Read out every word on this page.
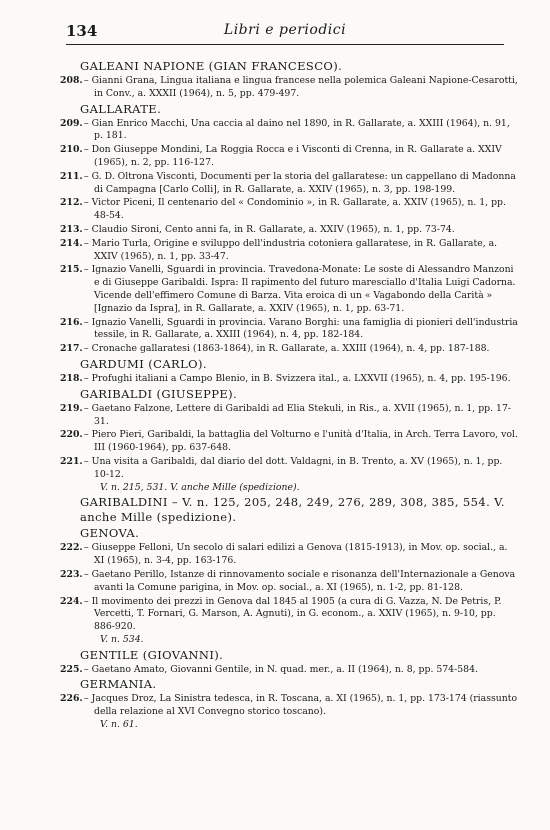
134	Libri e periodici
GALEANI NAPIONE (GIAN FRANCESCO).
208. – Gianni Grana, Lingua italiana e lingua francese nella polemica Galeani Napione-Cesarotti, in Conv., a. XXXII (1964), n. 5, pp. 479-497.
GALLARATE.
209. – Gian Enrico Macchi, Una caccia al daino nel 1890, in R. Gallarate, a. XXIII (1964), n. 91, p. 181.
210. – Don Giuseppe Mondini, La Roggia Rocca e i Visconti di Crenna, in R. Gallarate a. XXIV (1965), n. 2, pp. 116-127.
211. – G. D. Oltrona Visconti, Documenti per la storia del gallaratese: un cappellano di Madonna di Campagna [Carlo Colli], in R. Gallarate, a. XXIV (1965), n. 3, pp. 198-199.
212. – Victor Piceni, Il centenario del « Condominio », in R. Gallarate, a. XXIV (1965), n. 1, pp. 48-54.
213. – Claudio Sironi, Cento anni fa, in R. Gallarate, a. XXIV (1965), n. 1, pp. 73-74.
214. – Mario Turla, Origine e sviluppo dell'industria cotoniera gallaratese, in R. Gallarate, a. XXIV (1965), n. 1, pp. 33-47.
215. – Ignazio Vanelli, Sguardi in provincia. Travedona-Monate: Le soste di Alessandro Manzoni e di Giuseppe Garibaldi. Ispra: Il rapimento del futuro maresciallo d'Italia Luigi Cadorna. Vicende dell'effimero Comune di Barza. Vita eroica di un « Vagabondo della Carità » [Ignazio da Ispra], in R. Gallarate, a. XXIV (1965), n. 1, pp. 63-71.
216. – Ignazio Vanelli, Sguardi in provincia. Varano Borghi: una famiglia di pionieri dell'industria tessile, in R. Gallarate, a. XXIII (1964), n. 4, pp. 182-184.
217. – Cronache gallaratesi (1863-1864), in R. Gallarate, a. XXIII (1964), n. 4, pp. 187-188.
GARDUMI (CARLO).
218. – Profughi italiani a Campo Blenio, in B. Svizzera ital., a. LXXVII (1965), n. 4, pp. 195-196.
GARIBALDI (GIUSEPPE).
219. – Gaetano Falzone, Lettere di Garibaldi ad Elia Stekuli, in Ris., a. XVII (1965), n. 1, pp. 17-31.
220. – Piero Pieri, Garibaldi, la battaglia del Volturno e l'unità d'Italia, in Arch. Terra Lavoro, vol. III (1960-1964), pp. 637-648.
221. – Una visita a Garibaldi, dal diario del dott. Valdagni, in B. Trento, a. XV (1965), n. 1, pp. 10-12.
V. n. 215, 531. V. anche Mille (spedizione).
GARIBALDINI – V. n. 125, 205, 248, 249, 276, 289, 308, 385, 554. V. anche Mille (spedizione).
GENOVA.
222. – Giuseppe Felloni, Un secolo di salari edilizi a Genova (1815-1913), in Mov. op. social., a. XI (1965), n. 3-4, pp. 163-176.
223. – Gaetano Perillo, Istanze di rinnovamento sociale e risonanza dell'Internazionale a Genova avanti la Comune parigina, in Mov. op. social., a. XI (1965), n. 1-2, pp. 81-128.
224. – Il movimento dei prezzi in Genova dal 1845 al 1905 (a cura di G. Vazza, N. De Petris, P. Vercetti, T. Fornari, G. Marson, A. Agnuti), in G. econom., a. XXIV (1965), n. 9-10, pp. 886-920.
V. n. 534.
GENTILE (GIOVANNI).
225. – Gaetano Amato, Giovanni Gentile, in N. quad. mer., a. II (1964), n. 8, pp. 574-584.
GERMANIA.
226. – Jacques Droz, La Sinistra tedesca, in R. Toscana, a. XI (1965), n. 1, pp. 173-174 (riassunto della relazione al XVI Convegno storico toscano).
V. n. 61.
